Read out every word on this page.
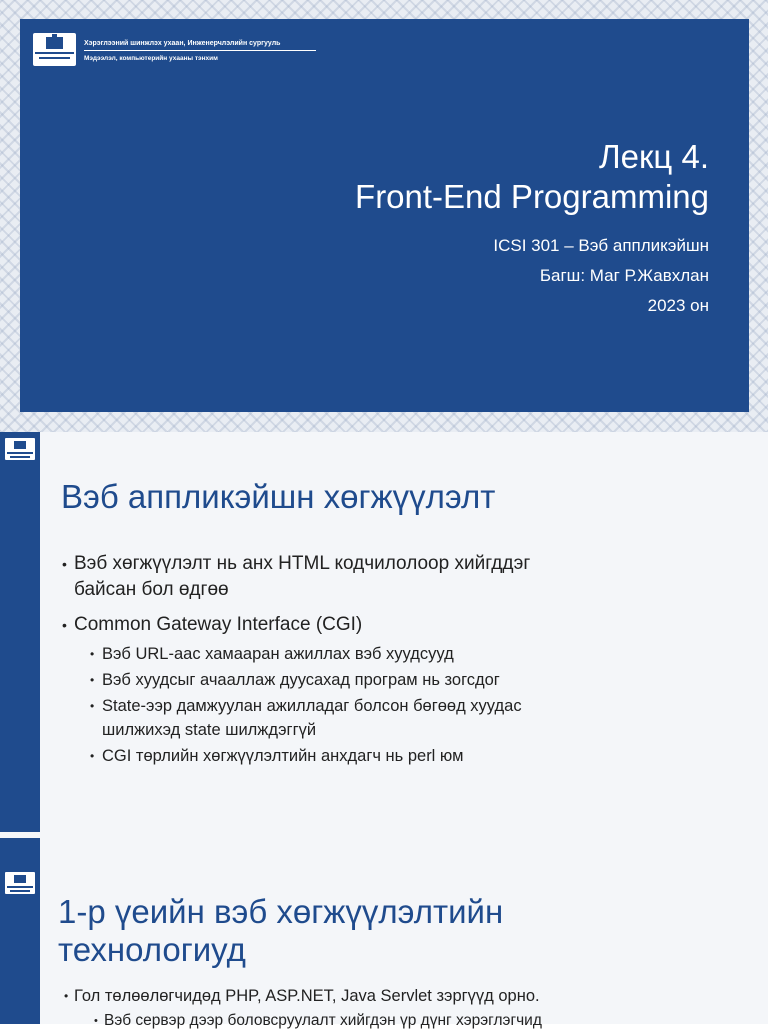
Хэрэглээний шинжлэх ухаан, Инженерчлэлийн сургууль
Мэдээлэл, компьютерийн ухааны тэнхим
Лекц 4.
Front-End Programming
ICSI 301 – Вэб аппликэйшн
Багш: Маг Р.Жавхлан
2023 он
Вэб аппликэйшн хөгжүүлэлт
• Вэб хөгжүүлэлт нь анх HTML кодчилолоор хийгддэг
байсан бол өдгөө
• Common Gateway Interface (CGI)
• Вэб URL-аас хамааран ажиллах вэб хуудсууд
• Вэб хуудсыг ачааллаж дуусахад програм нь зогсдог
• State-ээр дамжуулан ажилладаг болсон бөгөөд хуудас
шилжихэд state шилждэггүй
• CGI төрлийн хөгжүүлэлтийн анхдагч нь perl юм
1-р үеийн вэб хөгжүүлэлтийн
технологиуд
• Гол төлөөлөгчидөд PHP, ASP.NET, Java Servlet зэргүүд орно.
• Вэб сервэр дээр боловсруулалт хийгдэн үр дүнг хэрэглэгчид
